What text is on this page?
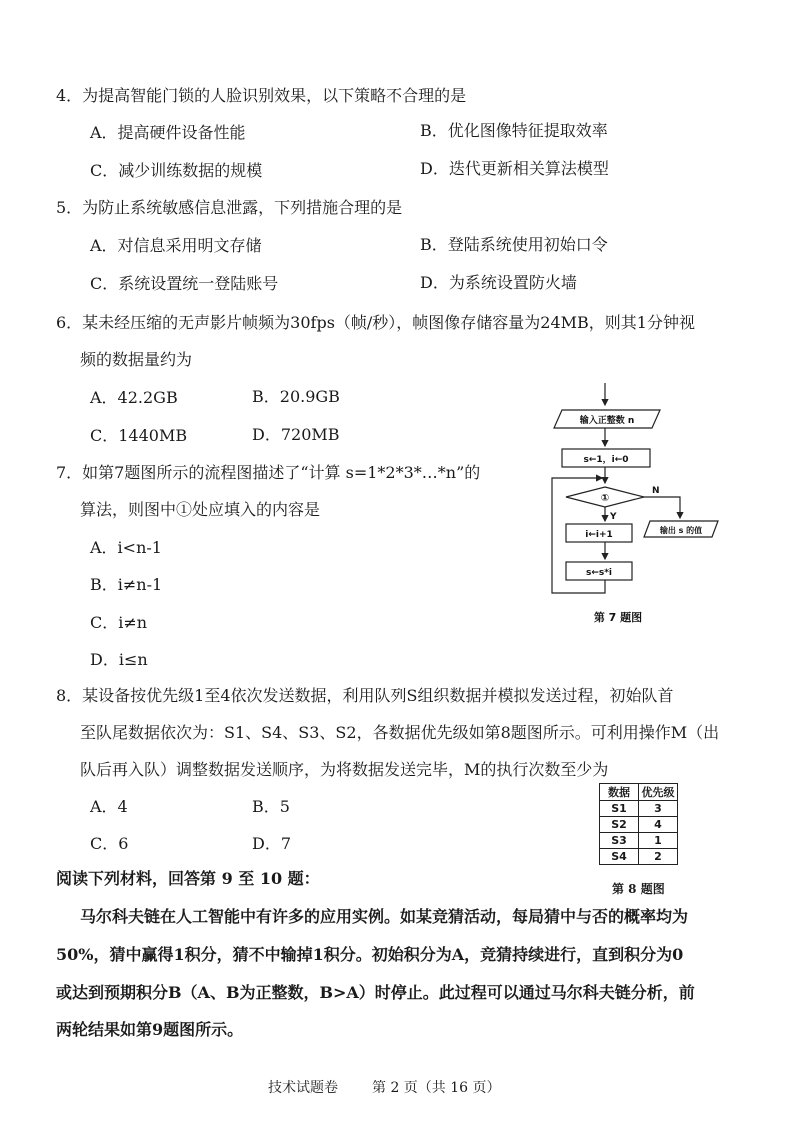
4．为提高智能门锁的人脸识别效果，以下策略不合理的是
A．提高硬件设备性能	B．优化图像特征提取效率
C．减少训练数据的规模	D．迭代更新相关算法模型
5．为防止系统敏感信息泄露，下列措施合理的是
A．对信息采用明文存储	B．登陆系统使用初始口令
C．系统设置统一登陆账号	D．为系统设置防火墙
6．某未经压缩的无声影片帧频为30fps（帧/秒），帧图像存储容量为24MB，则其1分钟视
频的数据量约为
A．42.2GB	B．20.9GB
C．1440MB	D．720MB
7．如第7题图所示的流程图描述了“计算 s=1*2*3*…*n”的
算法，则图中①处应填入的内容是
A．i<n-1
B．i≠n-1
C．i≠n
D．i≤n
输入正整数 n
s←1，i←0
①
Y
N
i←i+1
s←s*i
输出 s 的值
第 7 题图
8．某设备按优先级1至4依次发送数据，利用队列S组织数据并模拟发送过程，初始队首
至队尾数据依次为：S1、S4、S3、S2，各数据优先级如第8题图所示。可利用操作M（出
队后再入队）调整数据发送顺序，为将数据发送完毕，M的执行次数至少为
A．4	B．5
C．6	D．7
数据	优先级
S1	3
S2	4
S3	1
S4	2
第 8 题图
阅读下列材料，回答第 9 至 10 题：
马尔科夫链在人工智能中有许多的应用实例。如某竞猜活动，每局猜中与否的概率均为
50%，猜中赢得1积分，猜不中输掉1积分。初始积分为A，竞猜持续进行，直到积分为0
或达到预期积分B（A、B为正整数，B>A）时停止。此过程可以通过马尔科夫链分析，前
两轮结果如第9题图所示。
技术试题卷 第 2 页（共 16 页）
